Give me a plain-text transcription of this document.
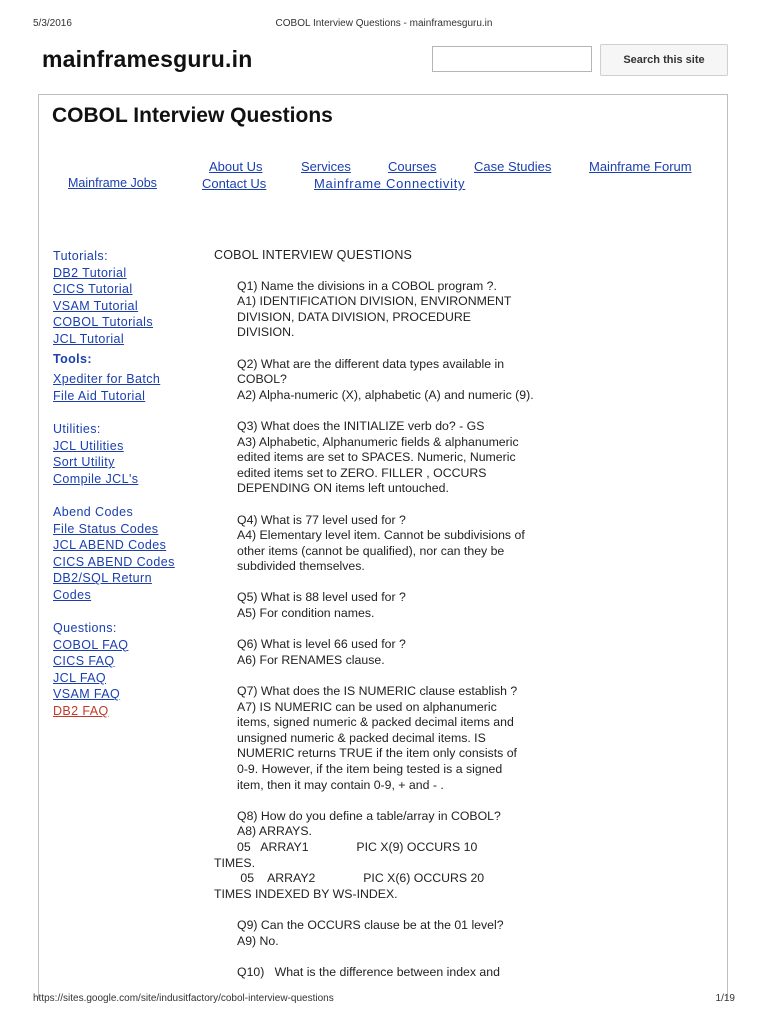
5/3/2016	COBOL Interview Questions - mainframesguru.in
mainframesguru.in	Search this site
COBOL Interview Questions
About Us	Services	Courses	Case Studies	Mainframe Forum
Mainframe Jobs	Contact Us	Mainframe Connectivity
Tutorials:
DB2 Tutorial
CICS Tutorial
VSAM Tutorial
COBOL Tutorials
JCL Tutorial
Tools:
Xpediter for Batch
File Aid Tutorial
Utilities:
JCL Utilities
Sort Utility
Compile JCL's
Abend Codes
File Status Codes
JCL ABEND Codes
CICS ABEND Codes
DB2/SQL Return
Codes
Questions:
COBOL FAQ
CICS FAQ
JCL FAQ
VSAM FAQ
DB2 FAQ
COBOL INTERVIEW QUESTIONS
Q1) Name the divisions in a COBOL program ?.
A1) IDENTIFICATION DIVISION, ENVIRONMENT
DIVISION, DATA DIVISION, PROCEDURE
DIVISION.
Q2) What are the different data types available in
COBOL?
A2) Alpha-numeric (X), alphabetic (A) and numeric (9).
Q3) What does the INITIALIZE verb do? - GS
A3) Alphabetic, Alphanumeric fields & alphanumeric
edited items are set to SPACES. Numeric, Numeric
edited items set to ZERO. FILLER , OCCURS
DEPENDING ON items left untouched.
Q4) What is 77 level used for ?
A4) Elementary level item. Cannot be subdivisions of
other items (cannot be qualified), nor can they be
subdivided themselves.
Q5) What is 88 level used for ?
A5) For condition names.
Q6) What is level 66 used for ?
A6) For RENAMES clause.
Q7) What does the IS NUMERIC clause establish ?
A7) IS NUMERIC can be used on alphanumeric
items, signed numeric & packed decimal items and
unsigned numeric & packed decimal items. IS
NUMERIC returns TRUE if the item only consists of
0-9. However, if the item being tested is a signed
item, then it may contain 0-9, + and - .
Q8) How do you define a table/array in COBOL?
A8) ARRAYS.
05   ARRAY1              PIC X(9) OCCURS 10
TIMES.
05    ARRAY2              PIC X(6) OCCURS 20
TIMES INDEXED BY WS-INDEX.
Q9) Can the OCCURS clause be at the 01 level?
A9) No.
Q10)   What is the difference between index and
https://sites.google.com/site/indusitfactory/cobol-interview-questions	1/19
